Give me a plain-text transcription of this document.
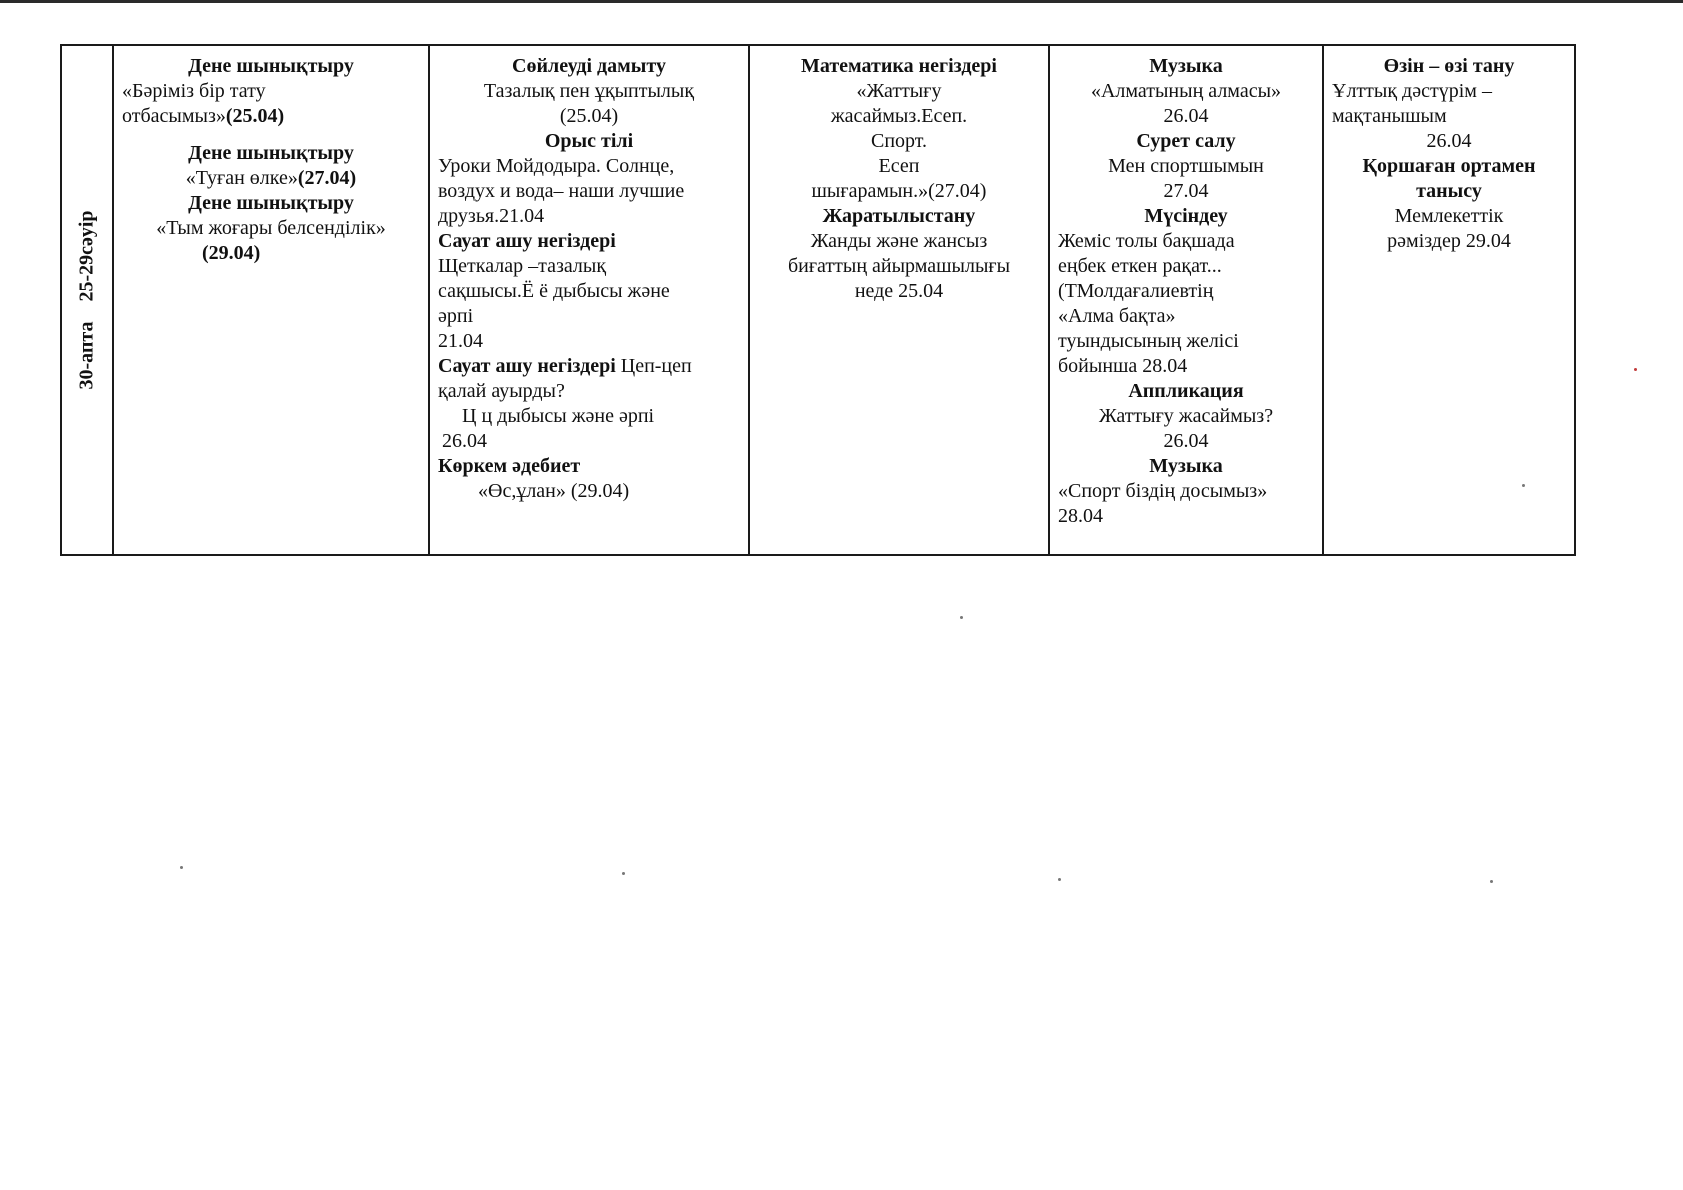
30-апта25-29сәуір

Дене шынықтыру
«Бәріміз бір тату
отбасымыз»(25.04)
Дене шынықтыру
«Туған өлке»(27.04)
Дене шынықтыру
«Тым жоғары белсенділік»
(29.04)

Сөйлеуді дамыту
Тазалық пен ұқыптылық
(25.04)
Орыс тілі
Уроки Мойдодыра. Солнце,
воздух и вода– наши лучшие
друзья.21.04
Сауат ашу негіздері
Щеткалар –тазалық
сақшысы.Ё ё дыбысы және
әрпі
21.04
Сауат ашу негіздері Цеп-цеп
қалай ауырды?
Ц ц дыбысы және әрпі
26.04
Көркем әдебиет
«Өс,ұлан» (29.04)

Математика негіздері
«Жаттығу
жасаймыз.Есеп.
Спорт.
Есеп
шығарамын.»(27.04)
Жаратылыстану
Жанды және жансыз
биғаттың айырмашылығы
неде 25.04

Музыка
«Алматының алмасы»
26.04
Сурет салу
Мен спортшымын
27.04
Мүсіндеу
Жеміс толы бақшада
еңбек еткен рақат...
(ТМолдағалиевтің
«Алма бақта»
туындысының желісі
бойынша 28.04
Аппликация
Жаттығу жасаймыз?
26.04
Музыка
«Спорт біздің досымыз»
28.04

Өзін – өзі тану
Ұлттық дәстүрім –
мақтанышым
26.04
Қоршаған ортамен
танысу
Мемлекеттік
рәміздер 29.04
